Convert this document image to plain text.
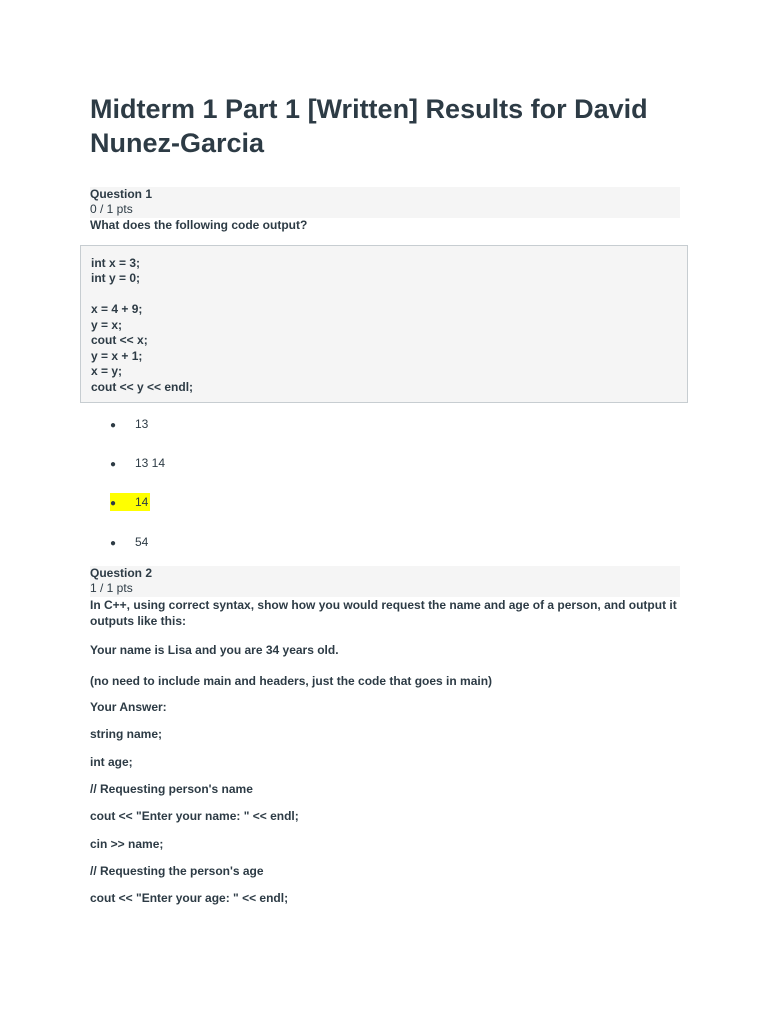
Midterm 1 Part 1 [Written] Results for David Nunez-Garcia
Question 1
0 / 1 pts

What does the following code output?

int x = 3;
int y = 0;
x = 4 + 9;
y = x;
cout << x;
y = x + 1;
x = y;
cout << y << endl;
● 13
● 13 14
● 14
● 54
Question 2
1 / 1 pts
In C++, using correct syntax, show how you would request the name and age of a person, and output it outputs like this:

Your name is Lisa and you are 34 years old.

(no need to include main and headers, just the code that goes in main)

Your Answer:

string name;

int age;

// Requesting person's name

cout << "Enter your name: " << endl;

cin >> name;

// Requesting the person's age

cout << "Enter your age: " << endl;
